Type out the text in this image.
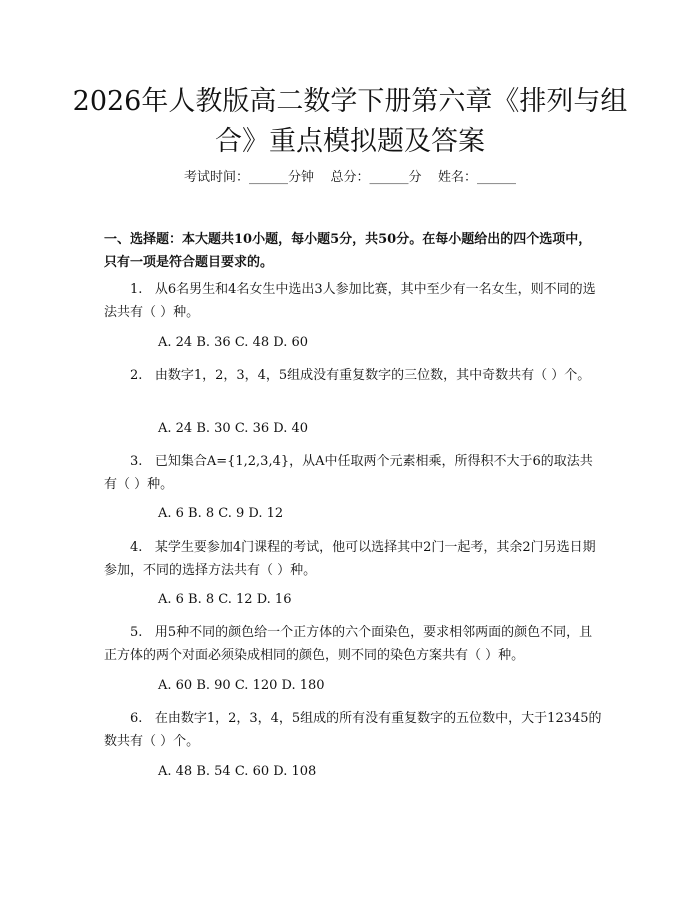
2026年人教版高二数学下册第六章《排列与组合》重点模拟题及答案
考试时间：______分钟    总分：______分    姓名：______
一、选择题：本大题共10小题，每小题5分，共50分。在每小题给出的四个选项中，只有一项是符合题目要求的。
1. 从6名男生和4名女生中选出3人参加比赛，其中至少有一名女生，则不同的选法共有（ ）种。
A. 24 B. 36 C. 48 D. 60
2. 由数字1，2，3，4，5组成没有重复数字的三位数，其中奇数共有（ ）个。
A. 24 B. 30 C. 36 D. 40
3. 已知集合A={1,2,3,4}，从A中任取两个元素相乘，所得积不大于6的取法共有（ ）种。
A. 6 B. 8 C. 9 D. 12
4. 某学生要参加4门课程的考试，他可以选择其中2门一起考，其余2门另选日期参加，不同的选择方法共有（ ）种。
A. 6 B. 8 C. 12 D. 16
5. 用5种不同的颜色给一个正方体的六个面染色，要求相邻两面的颜色不同，且正方体的两个对面必须染成相同的颜色，则不同的染色方案共有（ ）种。
A. 60 B. 90 C. 120 D. 180
6. 在由数字1，2，3，4，5组成的所有没有重复数字的五位数中，大于12345的数共有（ ）个。
A. 48 B. 54 C. 60 D. 108
